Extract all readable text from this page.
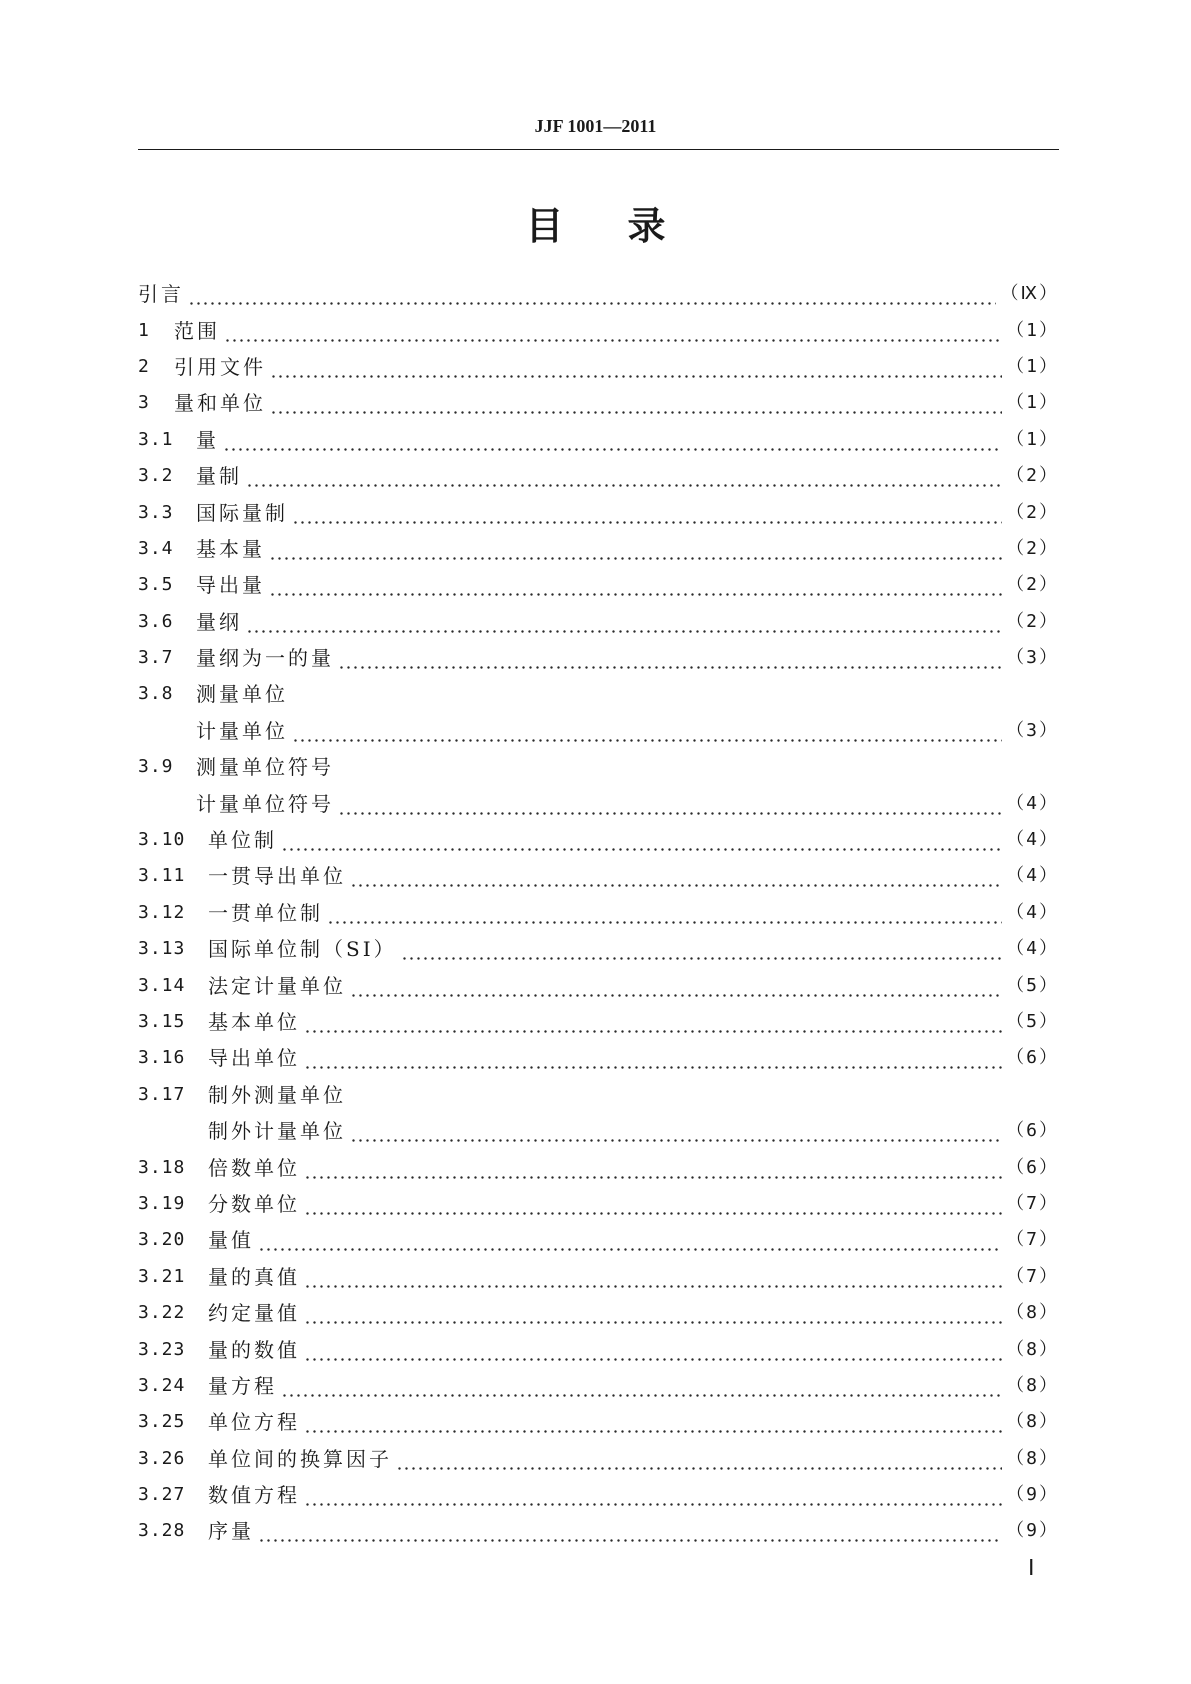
JJF 1001—2011
目录
引言	（Ⅸ）
1	范围	（1）
2	引用文件	（1）
3	量和单位	（1）
3.1	量	（1）
3.2	量制	（2）
3.3	国际量制	（2）
3.4	基本量	（2）
3.5	导出量	（2）
3.6	量纲	（2）
3.7	量纲为一的量	（3）
3.8	测量单位
计量单位	（3）
3.9	测量单位符号
计量单位符号	（4）
3.10	单位制	（4）
3.11	一贯导出单位	（4）
3.12	一贯单位制	（4）
3.13	国际单位制（SI）	（4）
3.14	法定计量单位	（5）
3.15	基本单位	（5）
3.16	导出单位	（6）
3.17	制外测量单位
制外计量单位	（6）
3.18	倍数单位	（6）
3.19	分数单位	（7）
3.20	量值	（7）
3.21	量的真值	（7）
3.22	约定量值	（8）
3.23	量的数值	（8）
3.24	量方程	（8）
3.25	单位方程	（8）
3.26	单位间的换算因子	（8）
3.27	数值方程	（9）
3.28	序量	（9）
Ⅰ
